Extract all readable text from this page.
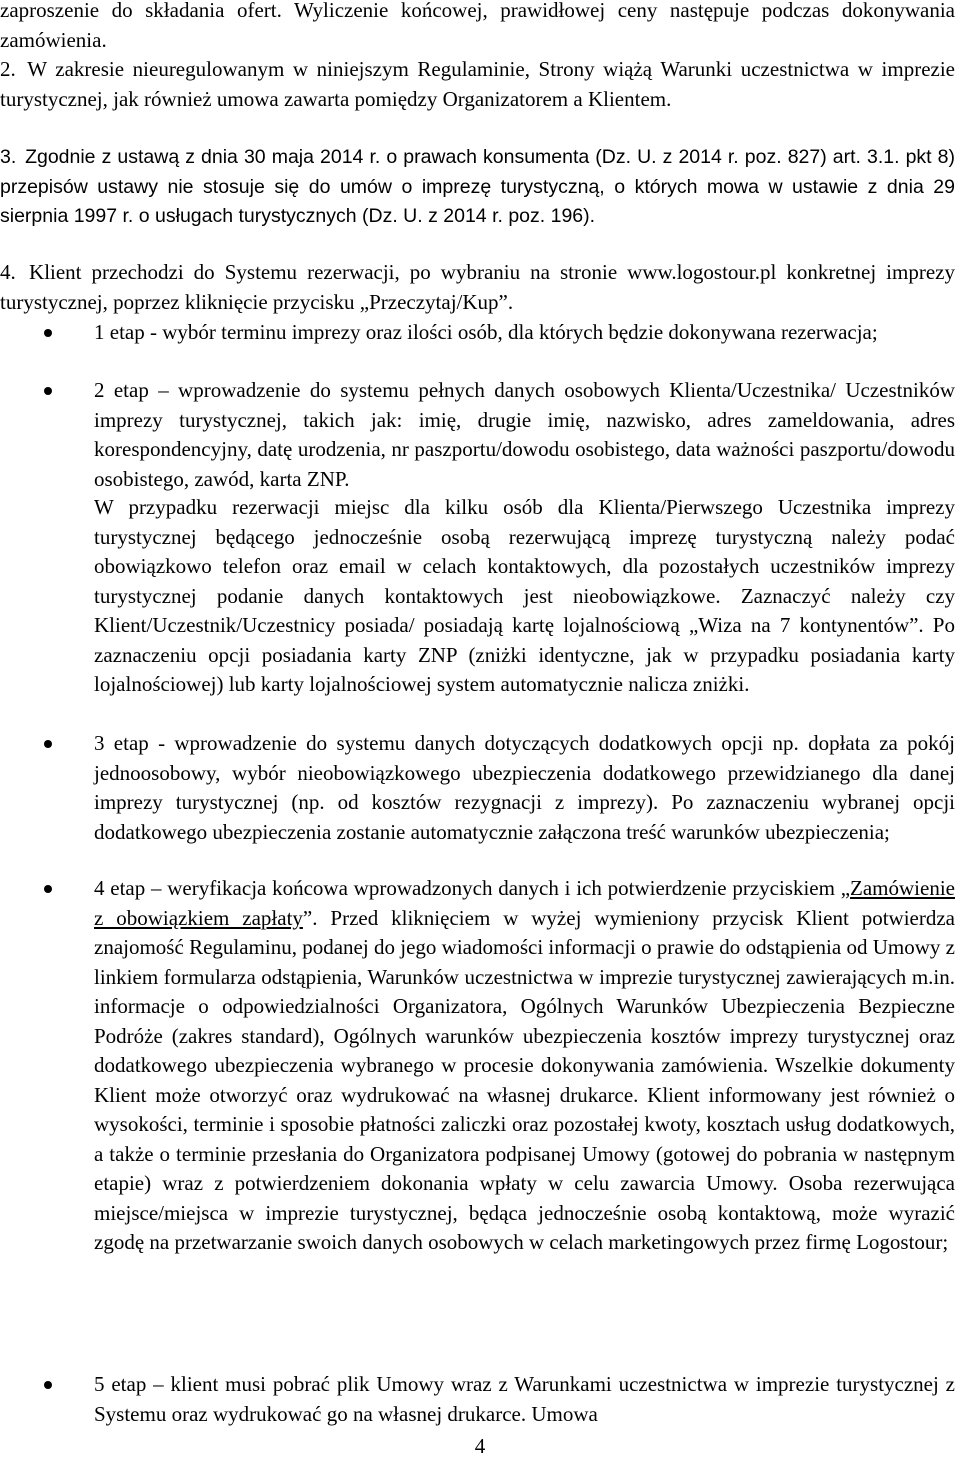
zaproszenie do składania ofert. Wyliczenie końcowej, prawidłowej ceny następuje podczas dokonywania zamówienia.

2. W zakresie nieuregulowanym w niniejszym Regulaminie, Strony wiążą Warunki uczestnictwa w imprezie turystycznej, jak również umowa zawarta pomiędzy Organizatorem a Klientem.

3. Zgodnie z ustawą z dnia 30 maja 2014 r. o prawach konsumenta (Dz. U. z 2014 r. poz. 827) art. 3.1. pkt 8) przepisów ustawy nie stosuje się do umów o imprezę turystyczną, o których mowa w ustawie z dnia 29 sierpnia 1997 r. o usługach turystycznych (Dz. U. z 2014 r. poz. 196).

4. Klient przechodzi do Systemu rezerwacji, po wybraniu na stronie www.logostour.pl konkretnej imprezy turystycznej, poprzez kliknięcie przycisku „Przeczytaj/Kup”.

1 etap - wybór terminu imprezy oraz ilości osób, dla których będzie dokonywana rezerwacja;
2 etap – wprowadzenie do systemu pełnych danych osobowych Klienta/Uczestnika/ Uczestników imprezy turystycznej, takich jak: imię, drugie imię, nazwisko, adres zameldowania, adres korespondencyjny, datę urodzenia, nr paszportu/dowodu osobistego, data ważności paszportu/dowodu osobistego, zawód, karta ZNP.

W przypadku rezerwacji miejsc dla kilku osób dla Klienta/Pierwszego Uczestnika imprezy turystycznej będącego jednocześnie osobą rezerwującą imprezę turystyczną należy podać obowiązkowo telefon oraz email w celach kontaktowych, dla pozostałych uczestników imprezy turystycznej podanie danych kontaktowych jest nieobowiązkowe. Zaznaczyć należy czy Klient/Uczestnik/Uczestnicy posiada/ posiadają kartę lojalnościową „Wiza na 7 kontynentów”. Po zaznaczeniu opcji posiadania karty ZNP (zniżki identyczne, jak w przypadku posiadania karty lojalnościowej) lub karty lojalnościowej system automatycznie nalicza zniżki.

3 etap - wprowadzenie do systemu danych dotyczących dodatkowych opcji np. dopłata za pokój jednoosobowy, wybór nieobowiązkowego ubezpieczenia dodatkowego przewidzianego dla danej imprezy turystycznej (np. od kosztów rezygnacji z imprezy). Po zaznaczeniu wybranej opcji dodatkowego ubezpieczenia zostanie automatycznie załączona treść warunków ubezpieczenia;
4 etap – weryfikacja końcowa wprowadzonych danych i ich potwierdzenie przyciskiem „Zamówienie z obowiązkiem zapłaty”. Przed kliknięciem w wyżej wymieniony przycisk Klient potwierdza znajomość Regulaminu, podanej do jego wiadomości informacji o prawie do odstąpienia od Umowy z linkiem formularza odstąpienia, Warunków uczestnictwa w imprezie turystycznej zawierających m.in. informacje o odpowiedzialności Organizatora, Ogólnych Warunków Ubezpieczenia Bezpieczne Podróże (zakres standard), Ogólnych warunków ubezpieczenia kosztów imprezy turystycznej oraz dodatkowego ubezpieczenia wybranego w procesie dokonywania zamówienia. Wszelkie dokumenty Klient może otworzyć oraz wydrukować na własnej drukarce. Klient informowany jest również o wysokości, terminie i sposobie płatności zaliczki oraz pozostałej kwoty, kosztach usług dodatkowych, a także o terminie przesłania do Organizatora podpisanej Umowy (gotowej do pobrania w następnym etapie) wraz z potwierdzeniem dokonania wpłaty w celu zawarcia Umowy. Osoba rezerwująca miejsce/miejsca w imprezie turystycznej, będąca jednocześnie osobą kontaktową, może wyrazić zgodę na przetwarzanie swoich danych osobowych w celach marketingowych przez firmę Logostour;
5 etap – klient musi pobrać plik Umowy wraz z Warunkami uczestnictwa w imprezie turystycznej z Systemu oraz wydrukować go na własnej drukarce. Umowa
4
